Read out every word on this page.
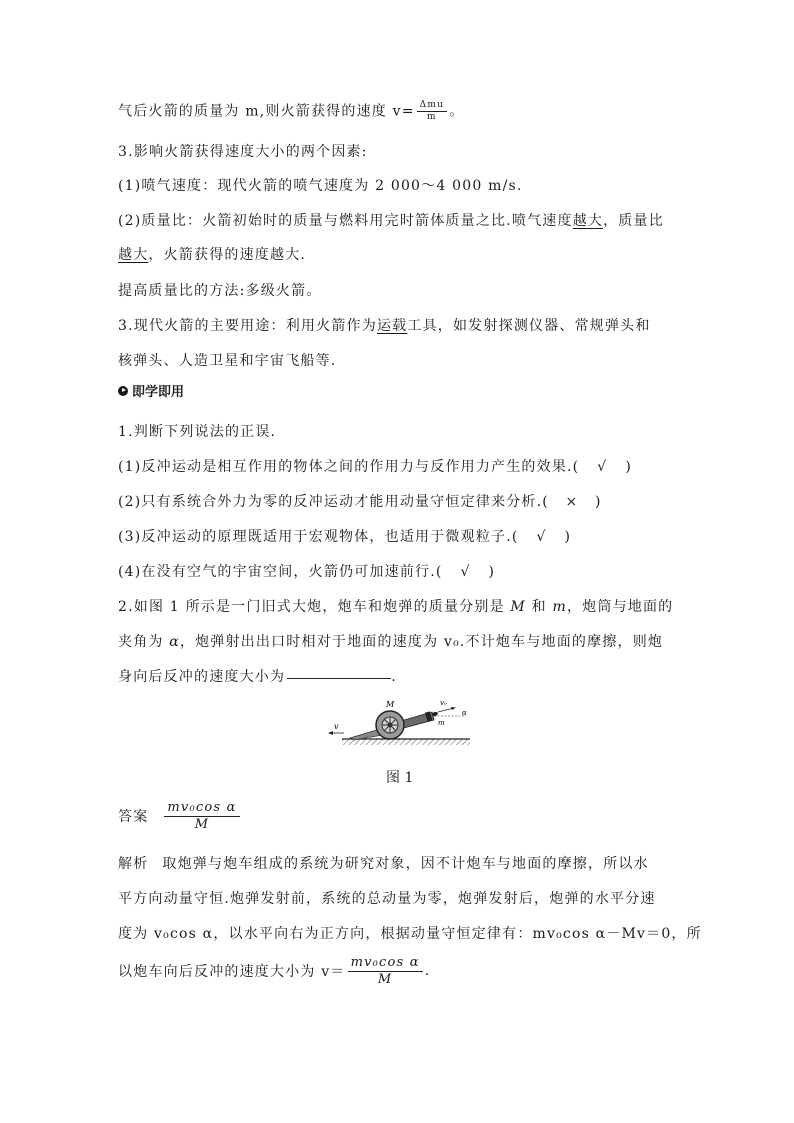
气后火箭的质量为 m,则火箭获得的速度 $v= \frac{\text{Δmu}}{m}$ 。
3.影响火箭获得速度大小的两个因素:
(1)喷气速度：现代火箭的喷气速度为 2 000～4 000 m/s.
(2)质量比：火箭初始时的质量与燃料用完时箭体质量之比.喷气速度越大，质量比
越大，火箭获得的速度越大.
提高质量比的方法:多级火箭。
3.现代火箭的主要用途：利用火箭作为运载工具，如发射探测仪器、常规弹头和
核弹头、人造卫星和宇宙飞船等.
即学即用
1.判断下列说法的正误.
(1)反冲运动是相互作用的物体之间的作用力与反作用力产生的效果.( √ )
(2)只有系统合外力为零的反冲运动才能用动量守恒定律来分析.( × )
(3)反冲运动的原理既适用于宏观物体，也适用于微观粒子.( √ )
(4)在没有空气的宇宙空间，火箭仍可加速前行.( √ )
2.如图 1 所示是一门旧式大炮，炮车和炮弹的质量分别是 M 和 m，炮筒与地面的
夹角为 α，炮弹射出出口时相对于地面的速度为 v₀.不计炮车与地面的摩擦，则炮
身向后反冲的速度大小为	.
M
v
v₀
α
m
图 1
答案 $\frac{\text{mv₀cos α}}{M}$
解析 取炮弹与炮车组成的系统为研究对象，因不计炮车与地面的摩擦，所以水
平方向动量守恒.炮弹发射前，系统的总动量为零，炮弹发射后，炮弹的水平分速
度为 v₀cos α，以水平向右为正方向，根据动量守恒定律有：mv₀cos α－Mv＝0，所
以炮车向后反冲的速度大小为 $v= \frac{\text{mv₀cos α}}{M}$ .
